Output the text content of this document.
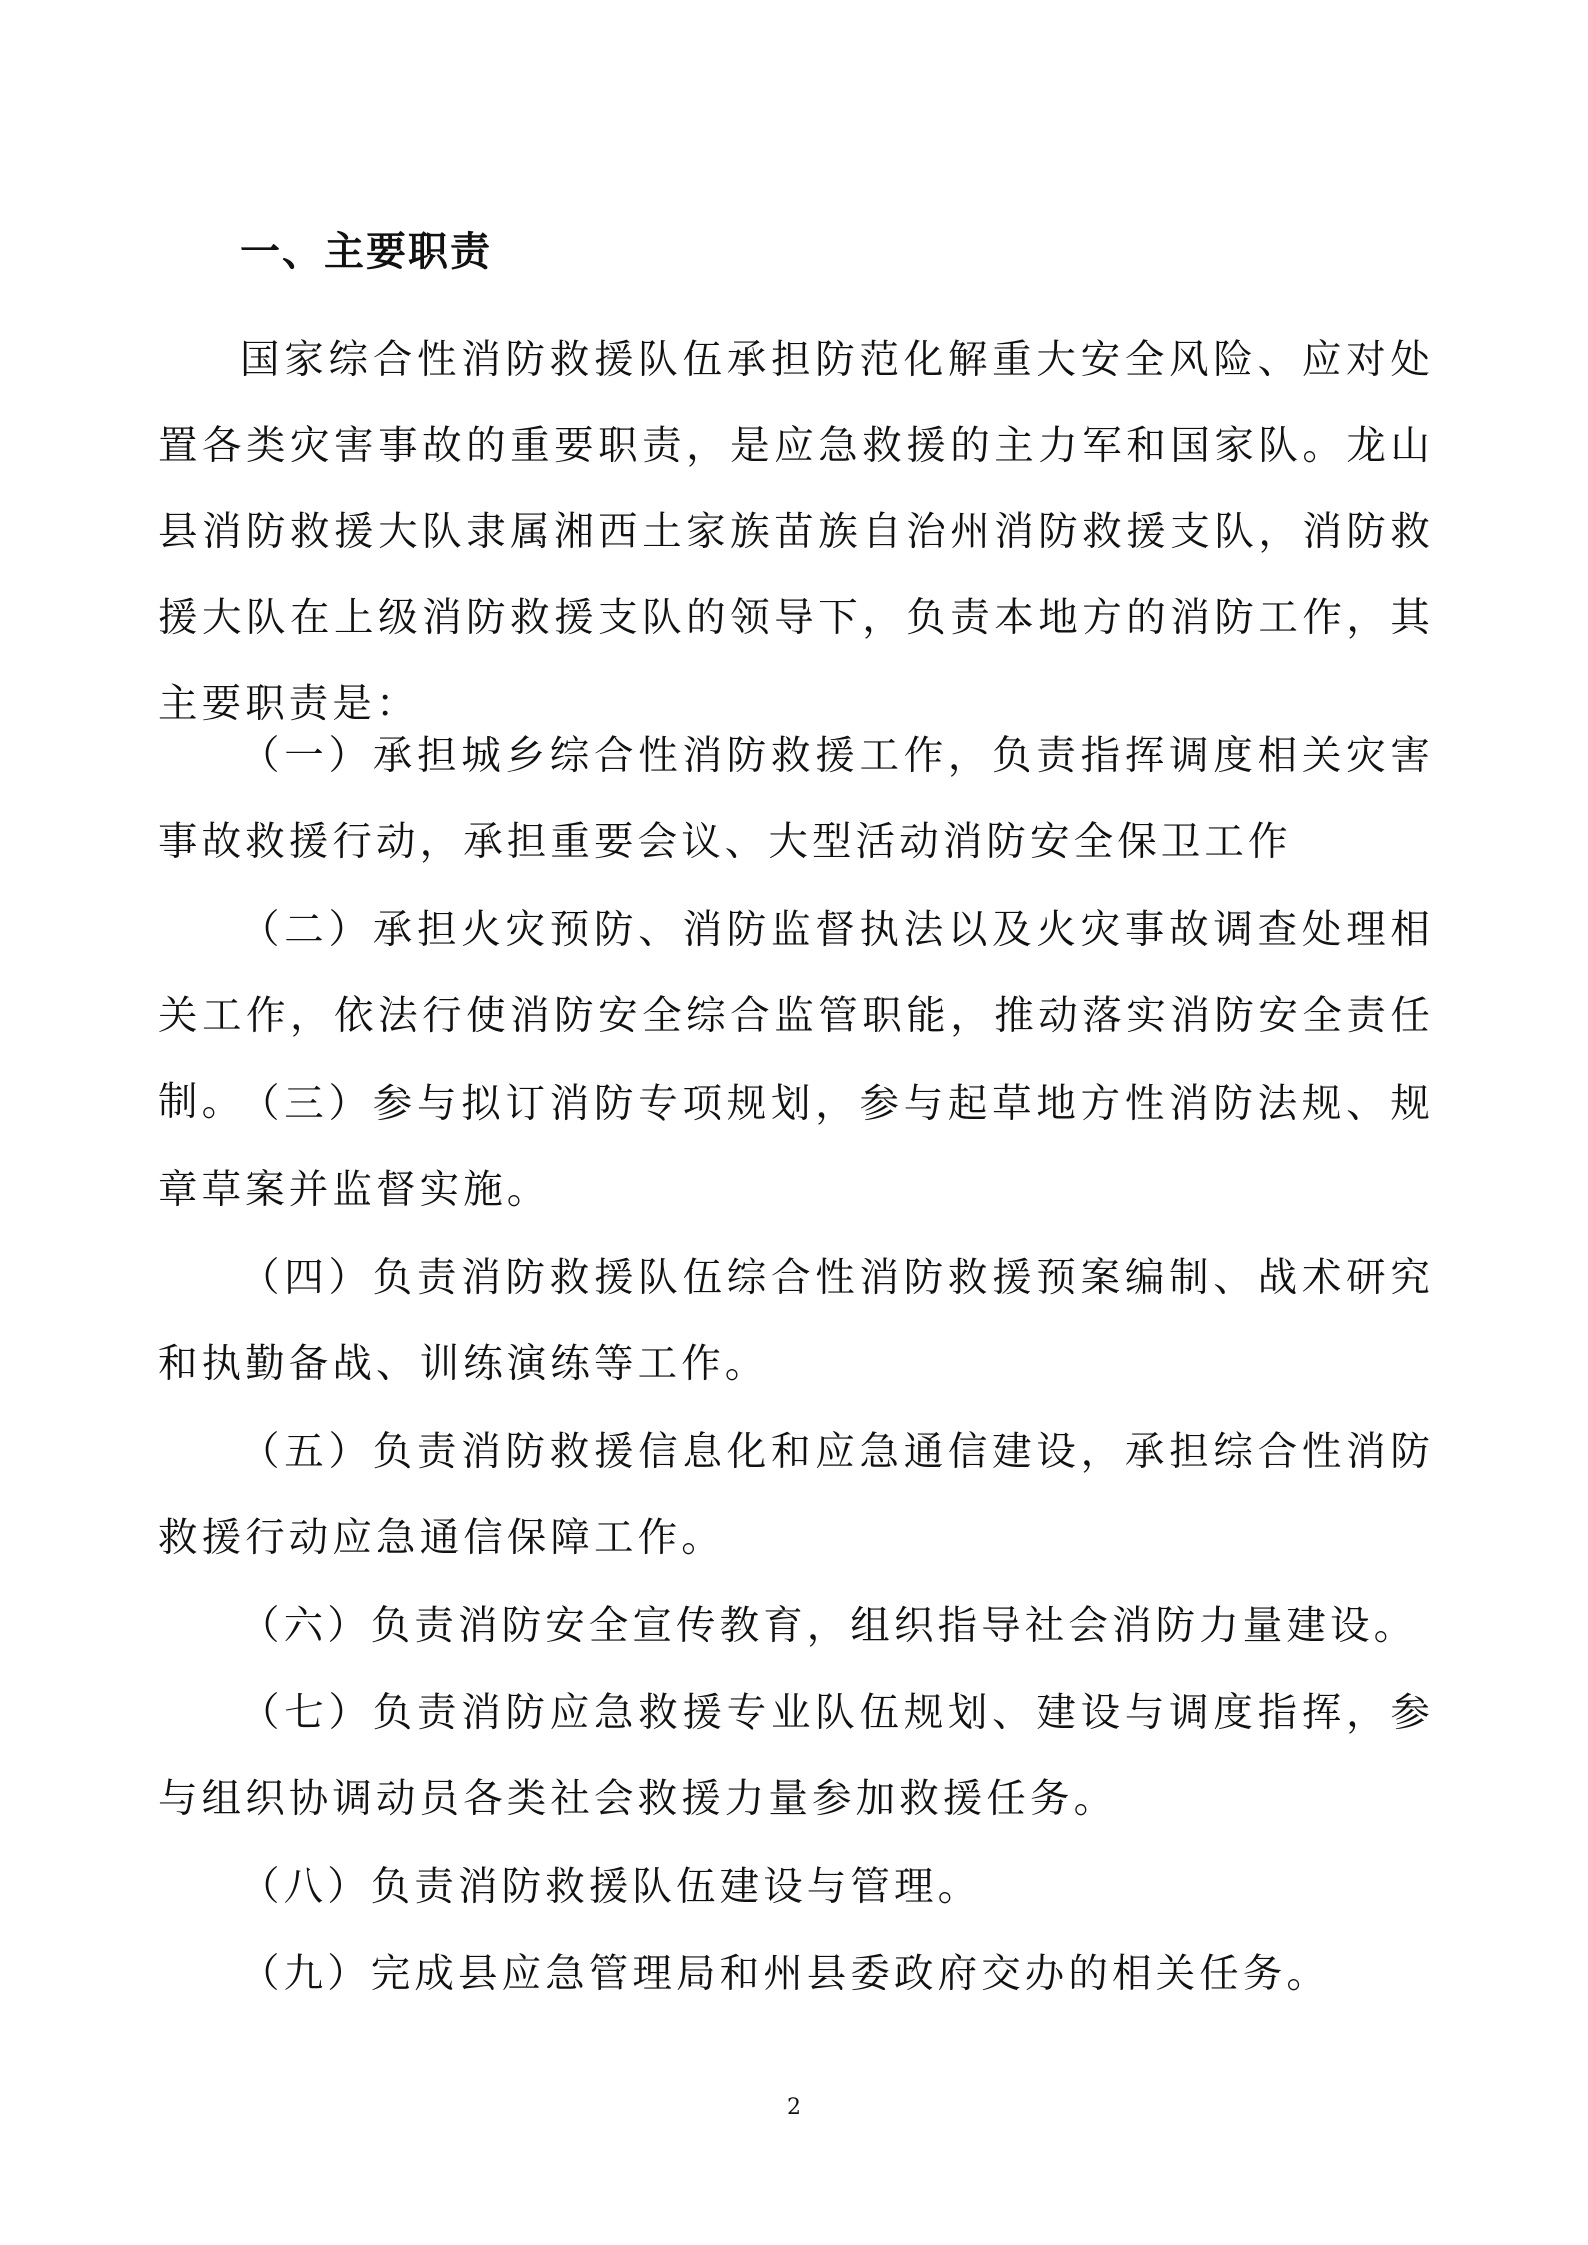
一、主要职责
国家综合性消防救援队伍承担防范化解重大安全风险、应对处置各类灾害事故的重要职责，是应急救援的主力军和国家队。龙山县消防救援大队隶属湘西土家族苗族自治州消防救援支队，消防救援大队在上级消防救援支队的领导下，负责本地方的消防工作，其主要职责是：
（一）承担城乡综合性消防救援工作，负责指挥调度相关灾害事故救援行动，承担重要会议、大型活动消防安全保卫工作
（二）承担火灾预防、消防监督执法以及火灾事故调查处理相关工作，依法行使消防安全综合监管职能，推动落实消防安全责任制。
（三）参与拟订消防专项规划，参与起草地方性消防法规、规章草案并监督实施。
（四）负责消防救援队伍综合性消防救援预案编制、战术研究和执勤备战、训练演练等工作。
（五）负责消防救援信息化和应急通信建设，承担综合性消防救援行动应急通信保障工作。
（六）负责消防安全宣传教育，组织指导社会消防力量建设。
（七）负责消防应急救援专业队伍规划、建设与调度指挥，参与组织协调动员各类社会救援力量参加救援任务。
（八）负责消防救援队伍建设与管理。
（九）完成县应急管理局和州县委政府交办的相关任务。
2
